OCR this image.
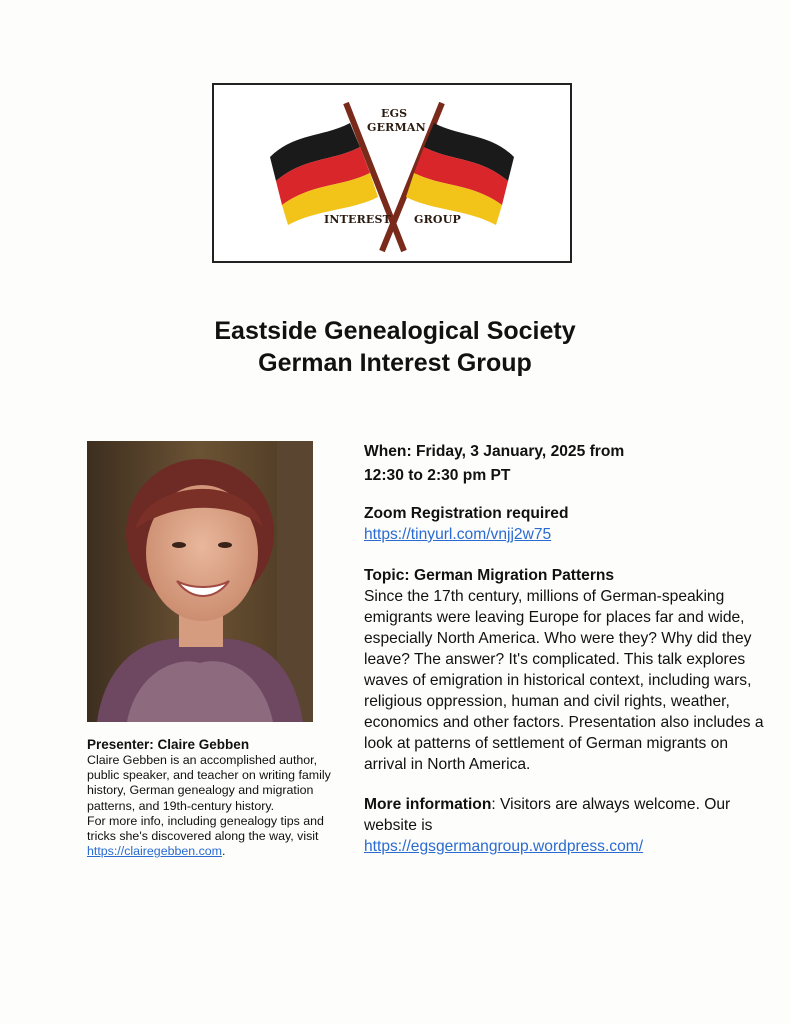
EGS
GERMAN
INTEREST GROUP
Eastside Genealogical Society
German Interest Group
Presenter: Claire Gebben
Claire Gebben is an accomplished author, public speaker, and teacher on writing family history, German genealogy and migration patterns, and 19th-century history.
For more info, including genealogy tips and tricks she's discovered along the way, visit https://clairegebben.com.

When: Friday, 3 January, 2025 from

12:30 to 2:30 pm PT

Zoom Registration required

https://tinyurl.com/vnjj2w75

Topic: German Migration Patterns

Since the 17th century, millions of German-speaking emigrants were leaving Europe for places far and wide, especially North America. Who were they? Why did they leave? The answer? It's complicated. This talk explores waves of emigration in historical context, including wars, religious oppression, human and civil rights, weather, economics and other factors. Presentation also includes a look at patterns of settlement of German migrants on arrival in North America.

More information: Visitors are always welcome. Our website is

https://egsgermangroup.wordpress.com/
